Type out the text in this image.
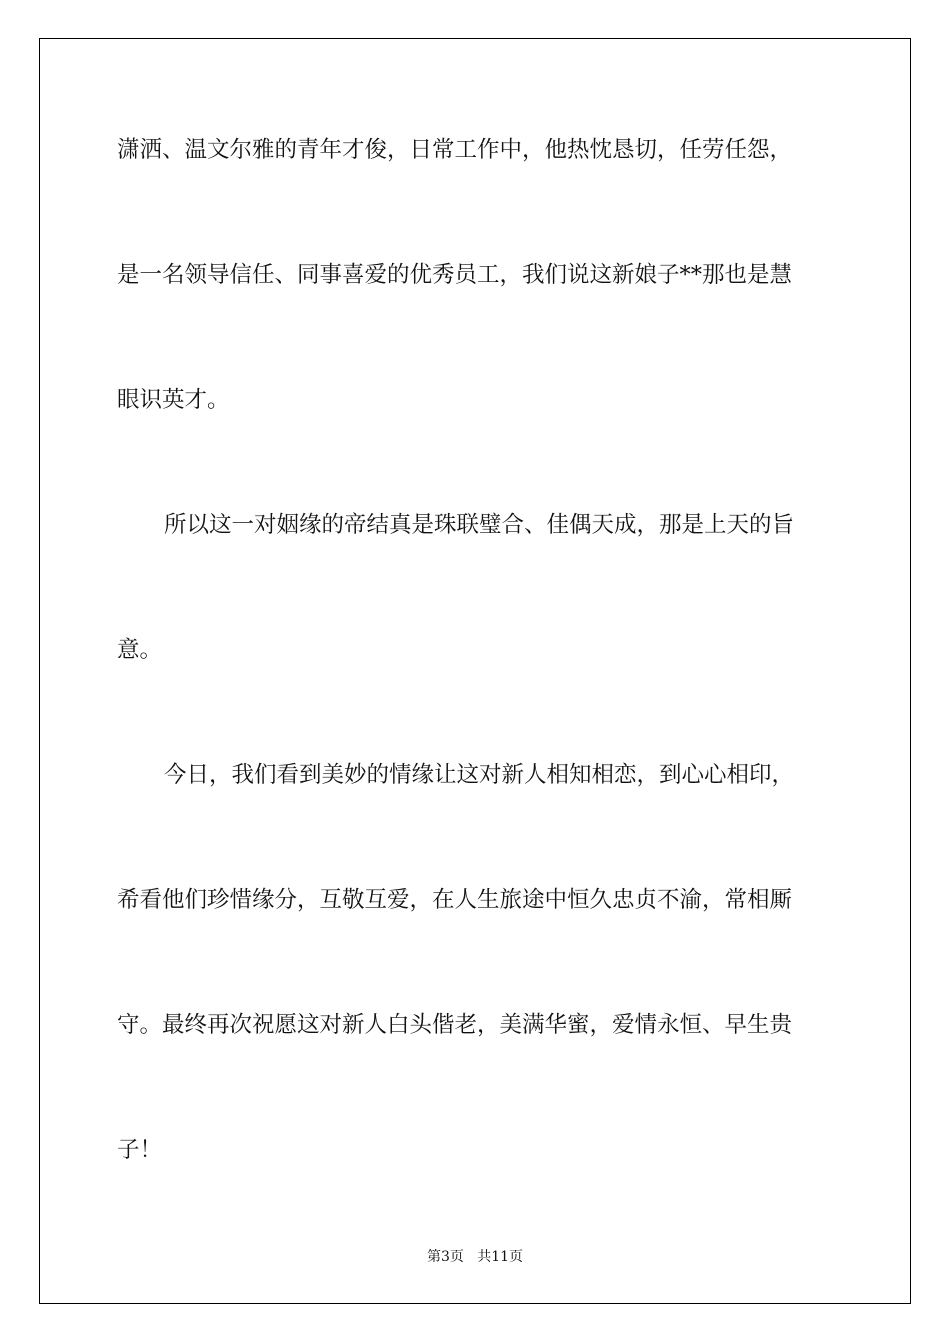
潇洒、温文尔雅的青年才俊，日常工作中，他热忱恳切，任劳任怨，

是一名领导信任、同事喜爱的优秀员工，我们说这新娘子**那也是慧

眼识英才。

所以这一对姻缘的帝结真是珠联璧合、佳偶天成，那是上天的旨

意。

今日，我们看到美妙的情缘让这对新人相知相恋，到心心相印，

希看他们珍惜缘分，互敬互爱，在人生旅途中恒久忠贞不渝，常相厮

守。最终再次祝愿这对新人白头偕老，美满华蜜，爱情永恒、早生贵

子！

第3页   共11页
